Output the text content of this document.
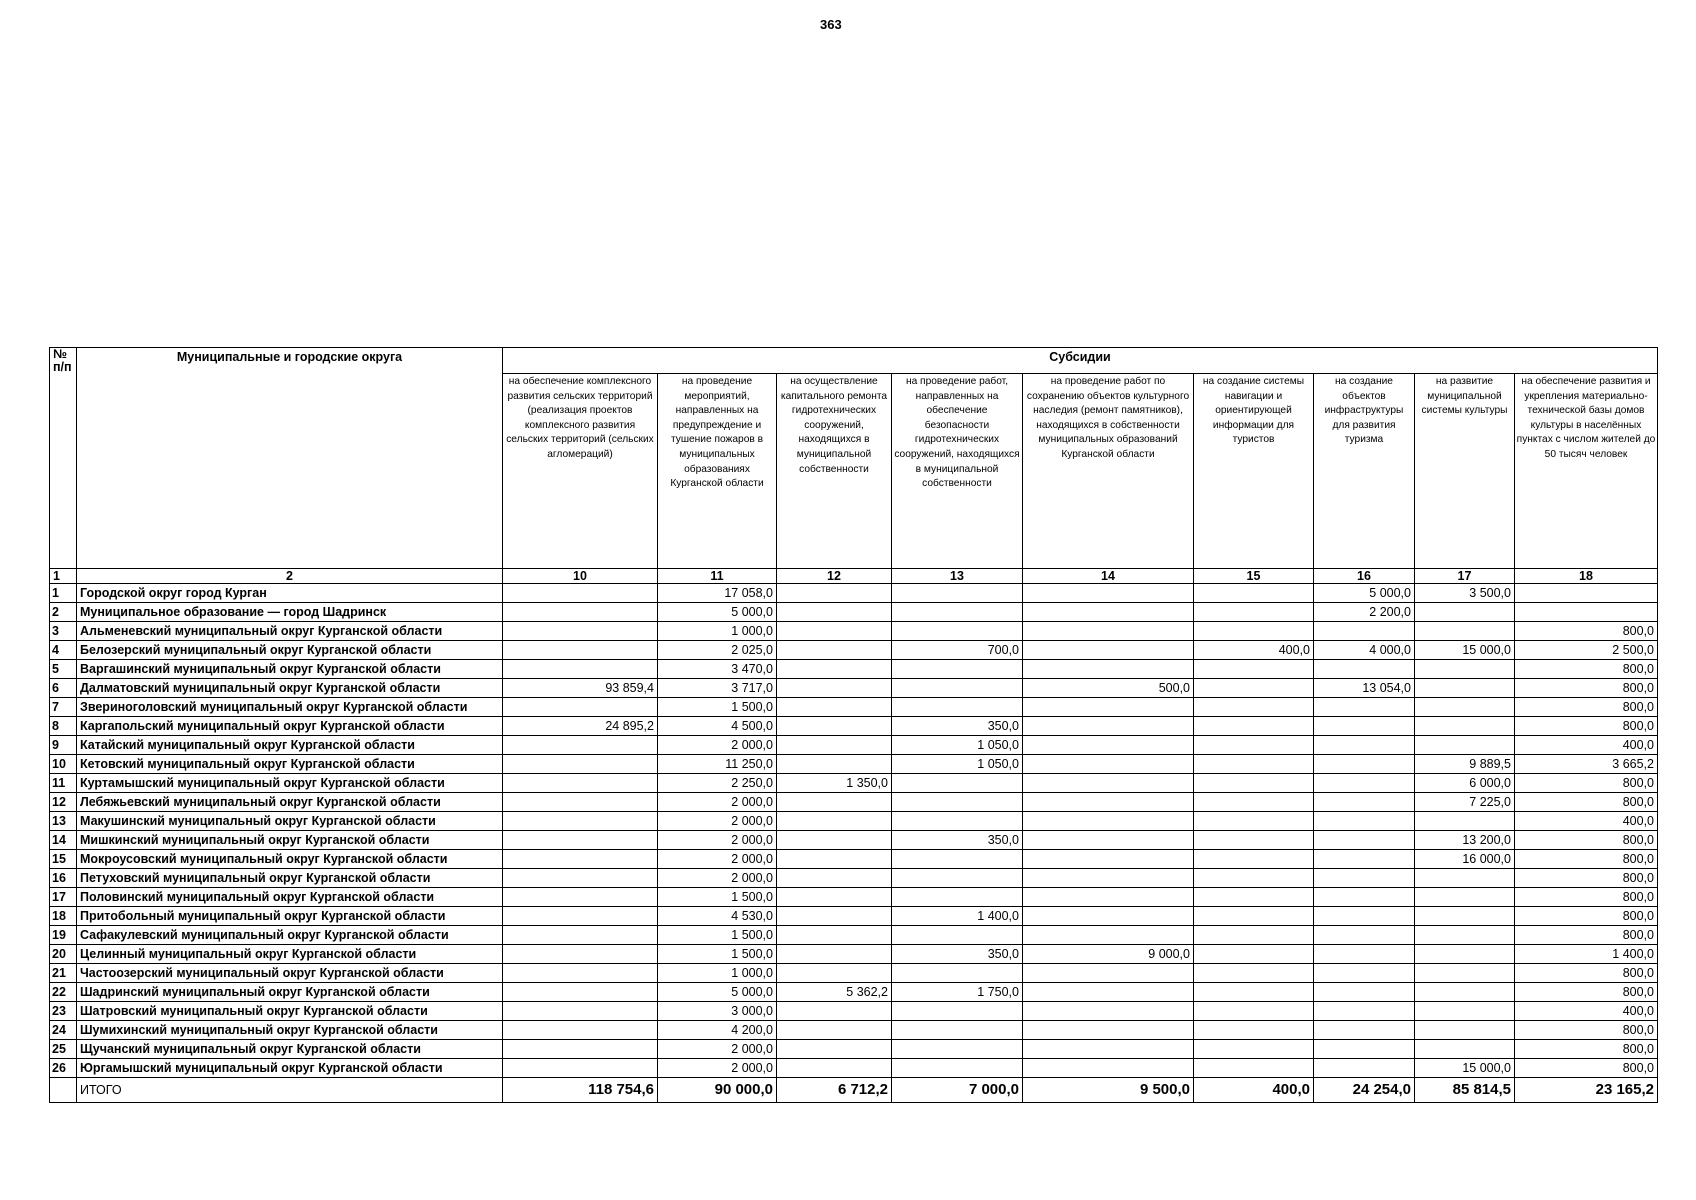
363
№ п/п	Муниципальные и городские округа	Субсидии								
		на обеспечение комплексного развития сельских территорий (реализация проектов комплексного развития сельских территорий (сельских агломераций)	на проведение мероприятий, направленных на предупреждение и тушение пожаров в муниципальных образованиях Курганской области	на осуществление капитального ремонта гидротехнических сооружений, находящихся в муниципальной собственности	на проведение работ, направленных на обеспечение безопасности гидротехнических сооружений, находящихся в муниципальной собственности	на проведение работ по сохранению объектов культурного наследия (ремонт памятников), находящихся в собственности муниципальных образований Курганской области	на создание системы навигации и ориентирующей информации для туристов	на создание объектов инфраструктуры для развития туризма	на развитие муниципальной системы культуры	на обеспечение развития и укрепления материально-технической базы домов культуры в населённых пунктах с числом жителей до 50 тысяч человек
1	2	10	11	12	13	14	15	16	17	18
1	Городской округ город Курган		17 058,0					5 000,0	3 500,0	
2	Муниципальное образование — город Шадринск		5 000,0					2 200,0		
3	Альменевский муниципальный округ Курганской области		1 000,0							800,0
4	Белозерский муниципальный округ Курганской области		2 025,0		700,0		400,0	4 000,0	15 000,0	2 500,0
5	Варгашинский муниципальный округ Курганской области		3 470,0							800,0
6	Далматовский муниципальный округ Курганской области	93 859,4	3 717,0			500,0		13 054,0		800,0
7	Звериноголовский муниципальный округ Курганской области		1 500,0							800,0
8	Каргапольский муниципальный округ Курганской области	24 895,2	4 500,0		350,0					800,0
9	Катайский муниципальный округ Курганской области		2 000,0		1 050,0					400,0
10	Кетовский муниципальный округ Курганской области		11 250,0		1 050,0				9 889,5	3 665,2
11	Куртамышский муниципальный округ Курганской области		2 250,0	1 350,0					6 000,0	800,0
12	Лебяжьевский муниципальный округ Курганской области		2 000,0						7 225,0	800,0
13	Макушинский муниципальный округ Курганской области		2 000,0							400,0
14	Мишкинский муниципальный округ Курганской области		2 000,0		350,0				13 200,0	800,0
15	Мокроусовский муниципальный округ Курганской области		2 000,0						16 000,0	800,0
16	Петуховский муниципальный округ Курганской области		2 000,0							800,0
17	Половинский муниципальный округ Курганской области		1 500,0							800,0
18	Притобольный муниципальный округ Курганской области		4 530,0		1 400,0					800,0
19	Сафакулевский муниципальный округ Курганской области		1 500,0							800,0
20	Целинный муниципальный округ Курганской области		1 500,0		350,0	9 000,0				1 400,0
21	Частоозерский муниципальный округ Курганской области		1 000,0							800,0
22	Шадринский муниципальный округ Курганской области		5 000,0	5 362,2	1 750,0					800,0
23	Шатровский муниципальный округ Курганской области		3 000,0							400,0
24	Шумихинский муниципальный округ Курганской области		4 200,0							800,0
25	Щучанский муниципальный округ Курганской области		2 000,0							800,0
26	Юргамышский муниципальный округ Курганской области		2 000,0						15 000,0	800,0
	ИТОГО	118 754,6	90 000,0	6 712,2	7 000,0	9 500,0	400,0	24 254,0	85 814,5	23 165,2
